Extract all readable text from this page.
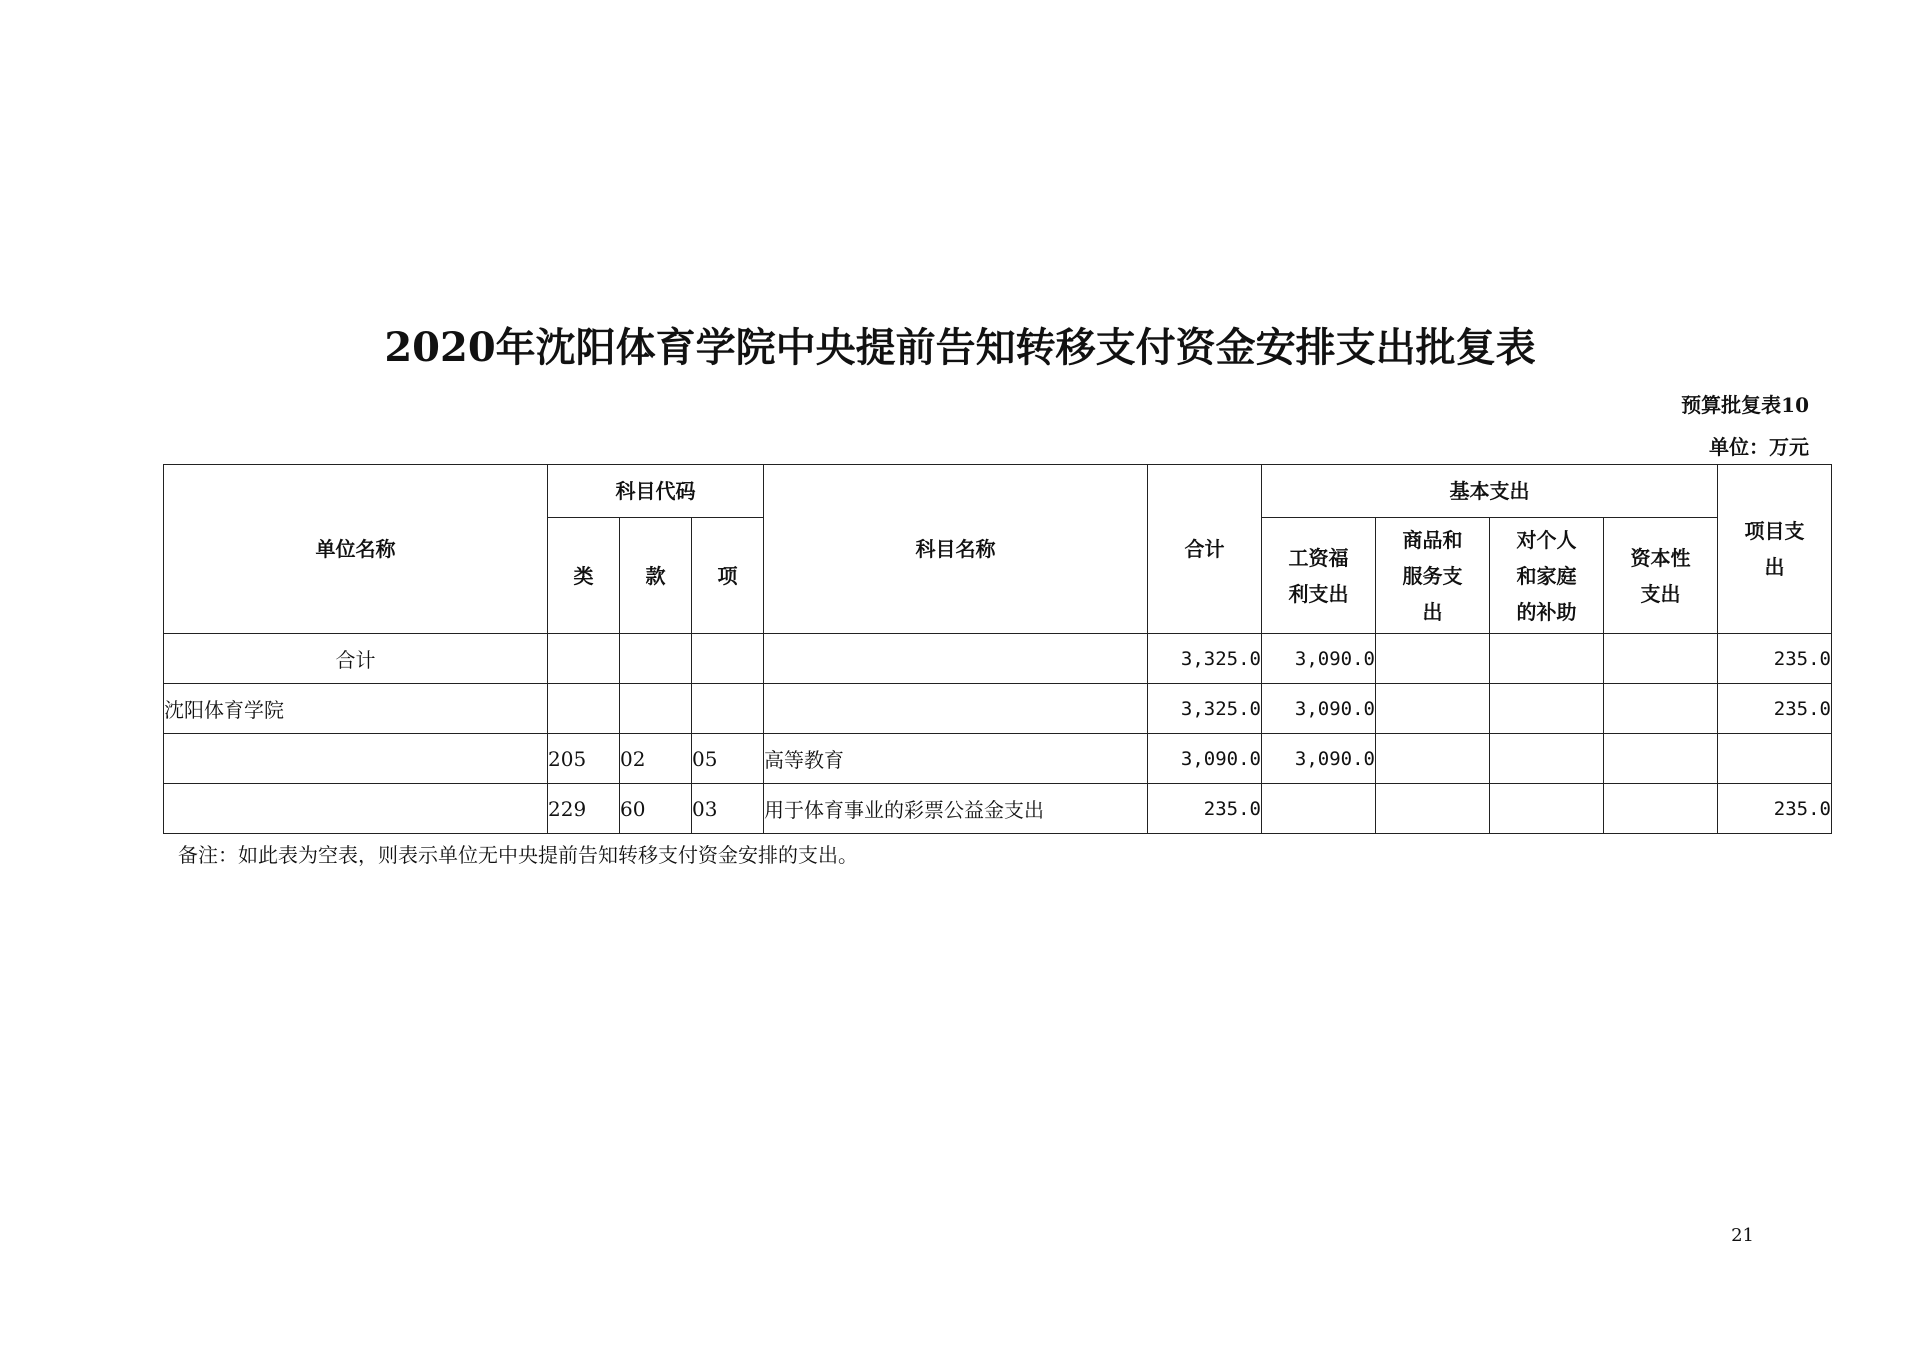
2020年沈阳体育学院中央提前告知转移支付资金安排支出批复表
预算批复表10
单位：万元
单位名称	科目代码			科目名称	合计	基本支出				项目支出
	类	款	项			工资福利支出	商品和服务支出	对个人和家庭的补助	资本性支出	
合计					3,325.0	3,090.0				235.0
沈阳体育学院					3,325.0	3,090.0				235.0
	205	02	05	高等教育	3,090.0	3,090.0				
	229	60	03	用于体育事业的彩票公益金支出	235.0					235.0
备注：如此表为空表，则表示单位无中央提前告知转移支付资金安排的支出。
21
